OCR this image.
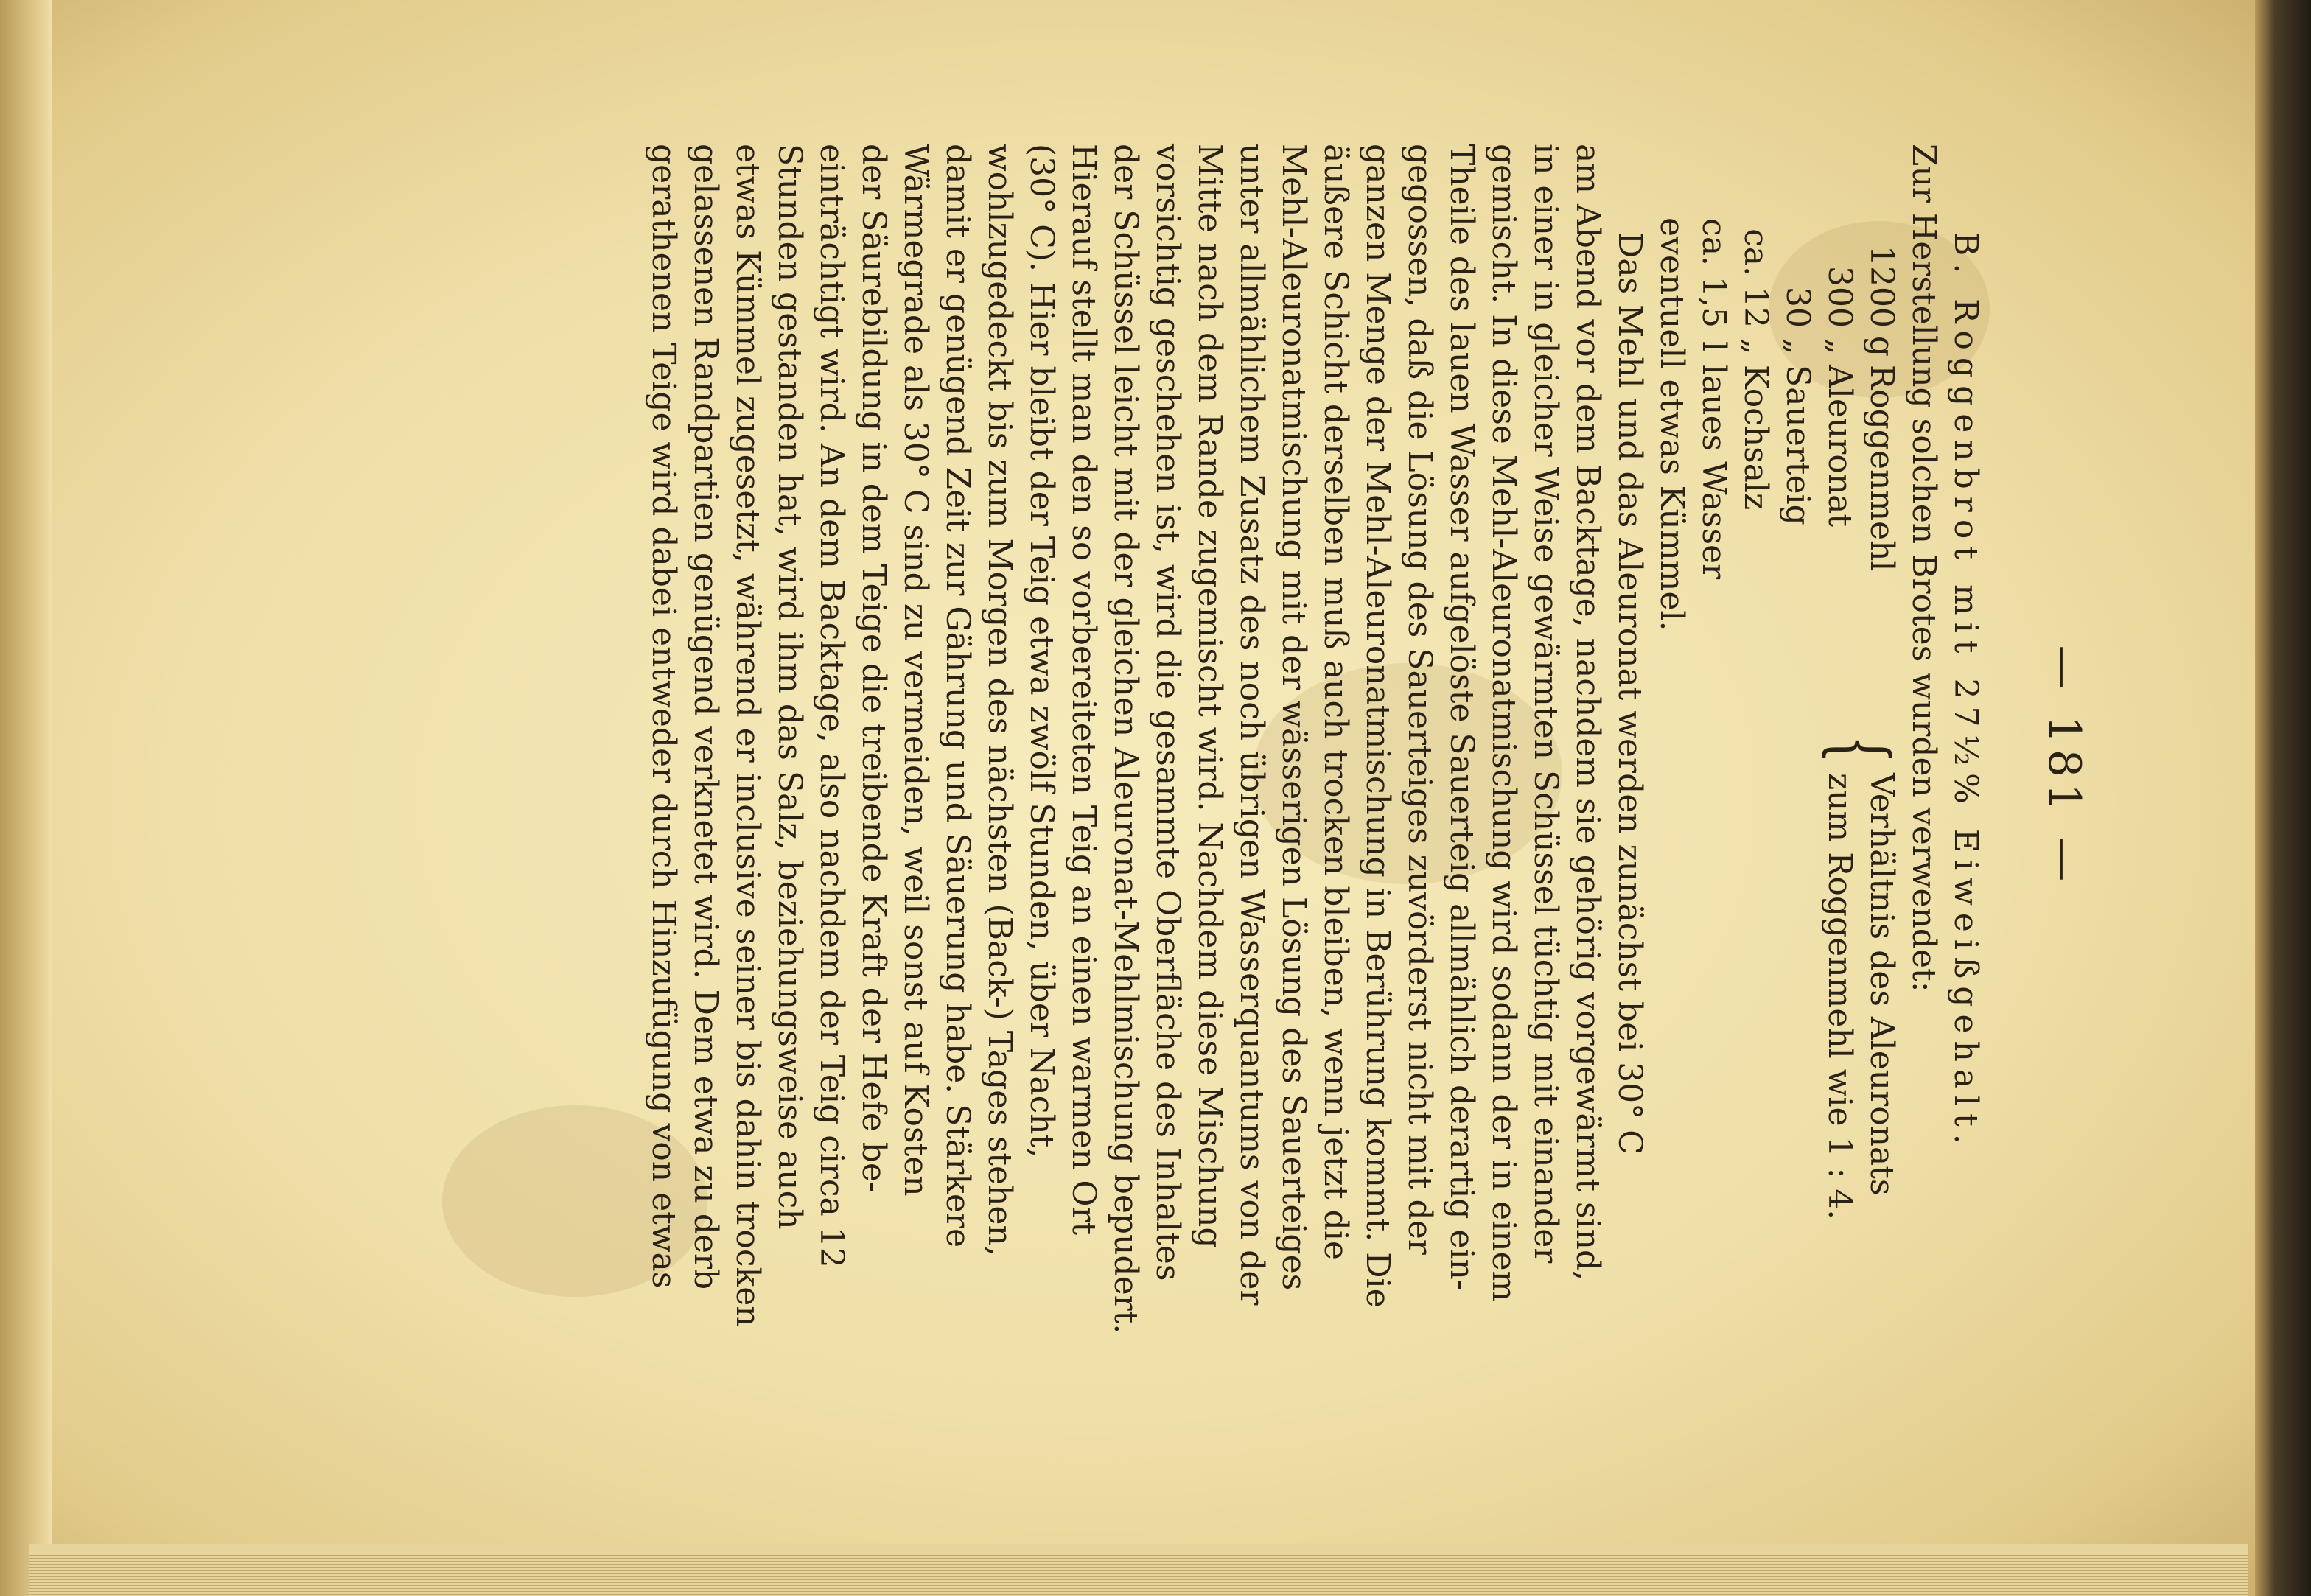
— 181 —

B. Roggenbrot mit 27½% Eiweißgehalt.

Zur Herstellung solchen Brotes wurden verwendet:

1200
g
Roggenmehl
300
„
Aleuronat
{
Verhältnis des Aleuronats
zum Roggenmehl wie 1 : 4.
30
„
Sauerteig
ca. 12
„
Kochsalz
ca. 1,5
l
laues Wasser
eventuell etwas Kümmel.

Das Mehl und das Aleuronat werden zunächst bei 30° C

am Abend vor dem Backtage, nachdem sie gehörig vorgewärmt sind,

in einer in gleicher Weise gewärmten Schüssel tüchtig mit einander

gemischt. In diese Mehl-Aleuronatmischung wird sodann der in einem

Theile des lauen Wasser aufgelöste Sauerteig allmählich derartig ein-

gegossen, daß die Lösung des Sauerteiges zuvörderst nicht mit der

ganzen Menge der Mehl-Aleuronatmischung in Berührung kommt. Die

äußere Schicht derselben muß auch trocken bleiben, wenn jetzt die

Mehl-Aleuronatmischung mit der wässerigen Lösung des Sauerteiges

unter allmählichem Zusatz des noch übrigen Wasserquantums von der

Mitte nach dem Rande zugemischt wird. Nachdem diese Mischung

vorsichtig geschehen ist, wird die gesammte Oberfläche des Inhaltes

der Schüssel leicht mit der gleichen Aleuronat-Mehlmischung bepudert.

Hierauf stellt man den so vorbereiteten Teig an einen warmen Ort

(30° C). Hier bleibt der Teig etwa zwölf Stunden, über Nacht,

wohlzugedeckt bis zum Morgen des nächsten (Back-) Tages stehen,

damit er genügend Zeit zur Gährung und Säuerung habe. Stärkere

Wärmegrade als 30° C sind zu vermeiden, weil sonst auf Kosten

der Säurebildung in dem Teige die treibende Kraft der Hefe be-

einträchtigt wird. An dem Backtage, also nachdem der Teig circa 12

Stunden gestanden hat, wird ihm das Salz, beziehungsweise auch

etwas Kümmel zugesetzt, während er inclusive seiner bis dahin trocken

gelassenen Randpartien genügend verknetet wird. Dem etwa zu derb

gerathenen Teige wird dabei entweder durch Hinzufügung von etwas
